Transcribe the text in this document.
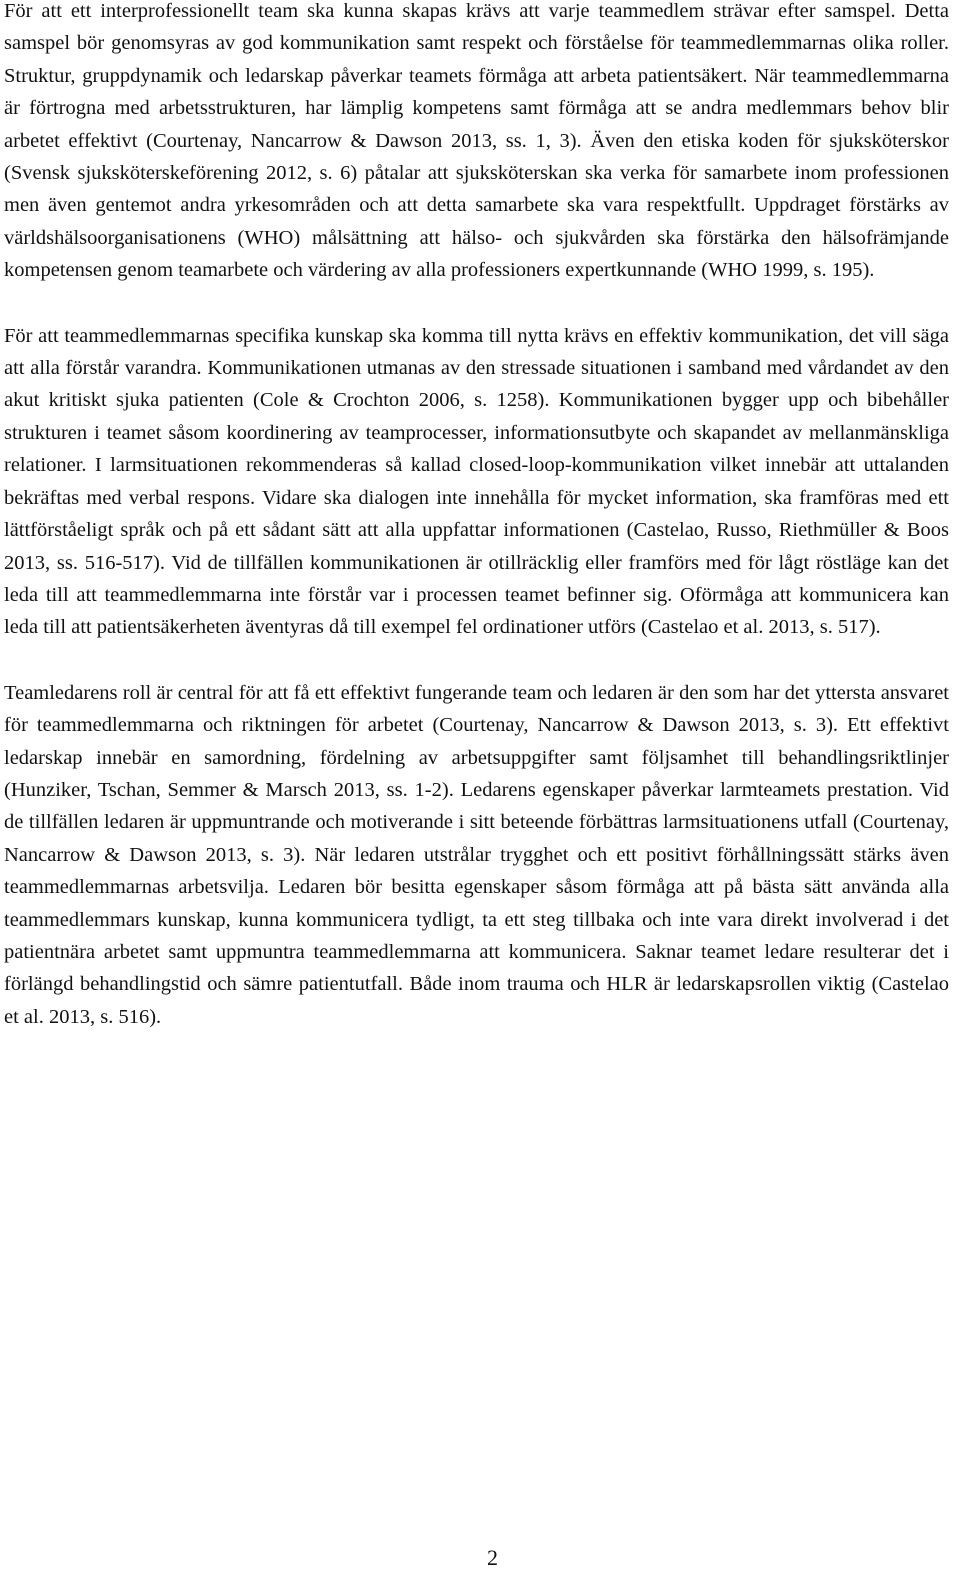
För att ett interprofessionellt team ska kunna skapas krävs att varje teammedlem strävar efter samspel. Detta samspel bör genomsyras av god kommunikation samt respekt och förståelse för teammedlemmarnas olika roller. Struktur, gruppdynamik och ledarskap påverkar teamets förmåga att arbeta patientsäkert. När teammedlemmarna är förtrogna med arbetsstrukturen, har lämplig kompetens samt förmåga att se andra medlemmars behov blir arbetet effektivt (Courtenay, Nancarrow & Dawson 2013, ss. 1, 3). Även den etiska koden för sjuksköterskor (Svensk sjuksköterskeförening 2012, s. 6) påtalar att sjuksköterskan ska verka för samarbete inom professionen men även gentemot andra yrkesområden och att detta samarbete ska vara respektfullt. Uppdraget förstärks av världshälsoorganisationens (WHO) målsättning att hälso- och sjukvården ska förstärka den hälsofrämjande kompetensen genom teamarbete och värdering av alla professioners expertkunnande (WHO 1999, s. 195).

För att teammedlemmarnas specifika kunskap ska komma till nytta krävs en effektiv kommunikation, det vill säga att alla förstår varandra. Kommunikationen utmanas av den stressade situationen i samband med vårdandet av den akut kritiskt sjuka patienten (Cole & Crochton 2006, s. 1258). Kommunikationen bygger upp och bibehåller strukturen i teamet såsom koordinering av teamprocesser, informationsutbyte och skapandet av mellanmänskliga relationer. I larmsituationen rekommenderas så kallad closed-loop-kommunikation vilket innebär att uttalanden bekräftas med verbal respons. Vidare ska dialogen inte innehålla för mycket information, ska framföras med ett lättförståeligt språk och på ett sådant sätt att alla uppfattar informationen (Castelao, Russo, Riethmüller & Boos 2013, ss. 516-517). Vid de tillfällen kommunikationen är otillräcklig eller framförs med för lågt röstläge kan det leda till att teammedlemmarna inte förstår var i processen teamet befinner sig. Oförmåga att kommunicera kan leda till att patientsäkerheten äventyras då till exempel fel ordinationer utförs (Castelao et al. 2013, s. 517).

Teamledarens roll är central för att få ett effektivt fungerande team och ledaren är den som har det yttersta ansvaret för teammedlemmarna och riktningen för arbetet (Courtenay, Nancarrow & Dawson 2013, s. 3). Ett effektivt ledarskap innebär en samordning, fördelning av arbetsuppgifter samt följsamhet till behandlingsriktlinjer (Hunziker, Tschan, Semmer & Marsch 2013, ss. 1-2). Ledarens egenskaper påverkar larmteamets prestation. Vid de tillfällen ledaren är uppmuntrande och motiverande i sitt beteende förbättras larmsituationens utfall (Courtenay, Nancarrow & Dawson 2013, s. 3). När ledaren utstrålar trygghet och ett positivt förhållningssätt stärks även teammedlemmarnas arbetsvilja. Ledaren bör besitta egenskaper såsom förmåga att på bästa sätt använda alla teammedlemmars kunskap, kunna kommunicera tydligt, ta ett steg tillbaka och inte vara direkt involverad i det patientnära arbetet samt uppmuntra teammedlemmarna att kommunicera. Saknar teamet ledare resulterar det i förlängd behandlingstid och sämre patientutfall. Både inom trauma och HLR är ledarskapsrollen viktig (Castelao et al. 2013, s. 516).

2
